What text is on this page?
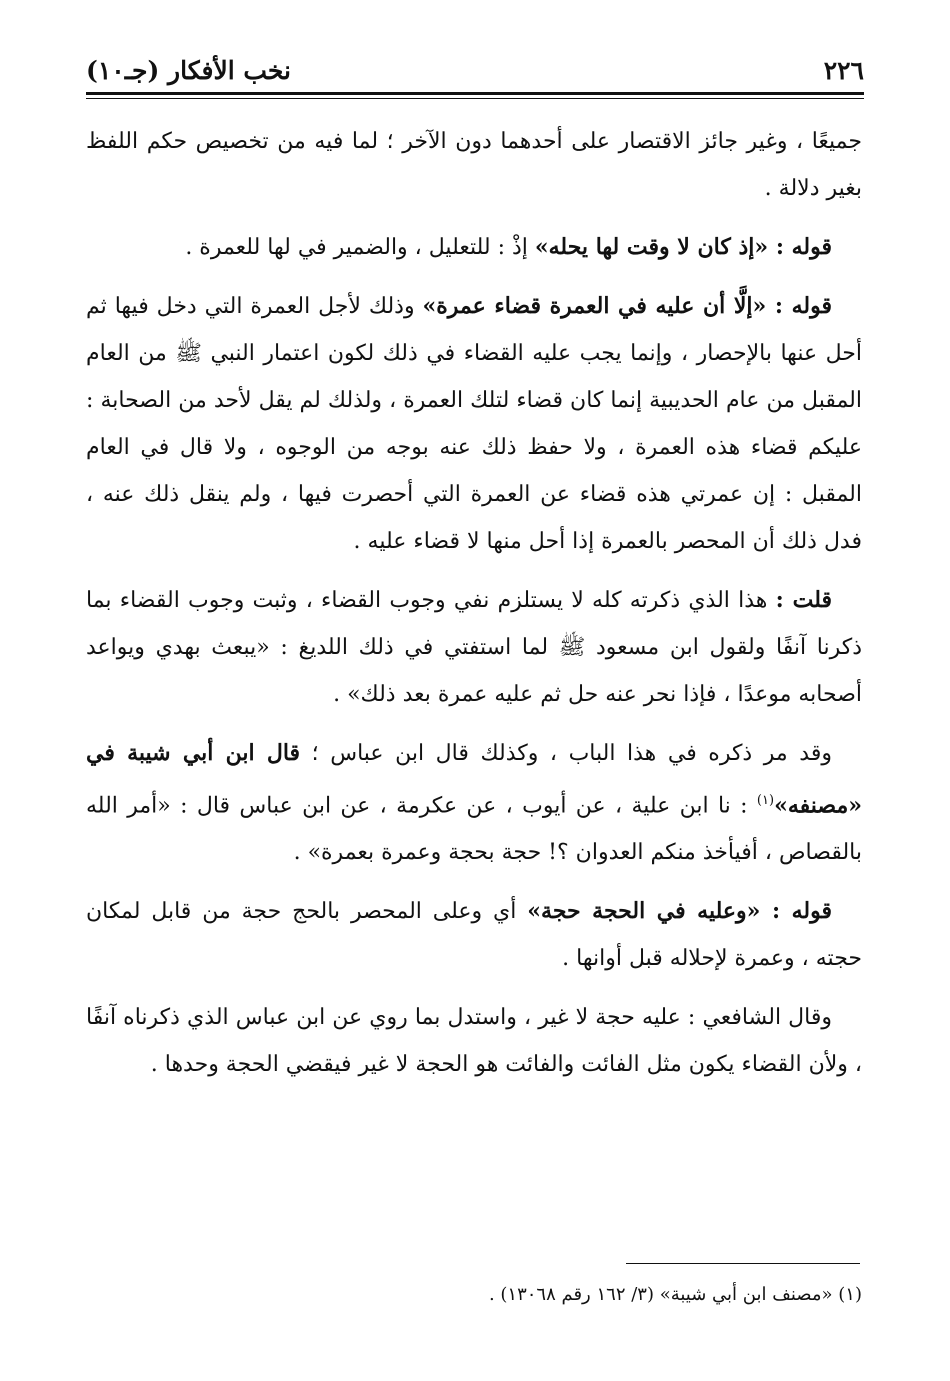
٢٢٦
نخب الأفكار (جـ١٠)

جميعًا ، وغير جائز الاقتصار على أحدهما دون الآخر ؛ لما فيه من تخصيص حكم اللفظ بغير دلالة .

قوله : «إذ كان لا وقت لها يحله» إذْ : للتعليل ، والضمير في لها للعمرة .

قوله : «إلَّا أن عليه في العمرة قضاء عمرة» وذلك لأجل العمرة التي دخل فيها ثم أحل عنها بالإحصار ، وإنما يجب عليه القضاء في ذلك لكون اعتمار النبي ﷺ من العام المقبل من عام الحديبية إنما كان قضاء لتلك العمرة ، ولذلك لم يقل لأحد من الصحابة : عليكم قضاء هذه العمرة ، ولا حفظ ذلك عنه بوجه من الوجوه ، ولا قال في العام المقبل : إن عمرتي هذه قضاء عن العمرة التي أحصرت فيها ، ولم ينقل ذلك عنه ، فدل ذلك أن المحصر بالعمرة إذا أحل منها لا قضاء عليه .

قلت : هذا الذي ذكرته كله لا يستلزم نفي وجوب القضاء ، وثبت وجوب القضاء بما ذكرنا آنفًا ولقول ابن مسعود ﷺ لما استفتي في ذلك اللديغ : «يبعث بهدي ويواعد أصحابه موعدًا ، فإذا نحر عنه حل ثم عليه عمرة بعد ذلك» .

وقد مر ذكره في هذا الباب ، وكذلك قال ابن عباس ؛ قال ابن أبي شيبة في «مصنفه»$^{(١)}$ : نا ابن علية ، عن أيوب ، عن عكرمة ، عن ابن عباس قال : «أمر الله بالقصاص ، أفيأخذ منكم العدوان ؟! حجة بحجة وعمرة بعمرة» .

قوله : «وعليه في الحجة حجة» أي وعلى المحصر بالحج حجة من قابل لمكان حجته ، وعمرة لإحلاله قبل أوانها .

وقال الشافعي : عليه حجة لا غير ، واستدل بما روي عن ابن عباس الذي ذكرناه آنفًا ، ولأن القضاء يكون مثل الفائت والفائت هو الحجة لا غير فيقضي الحجة وحدها .

(١) «مصنف ابن أبي شيبة» (٣/ ١٦٢ رقم ١٣٠٦٨) .
